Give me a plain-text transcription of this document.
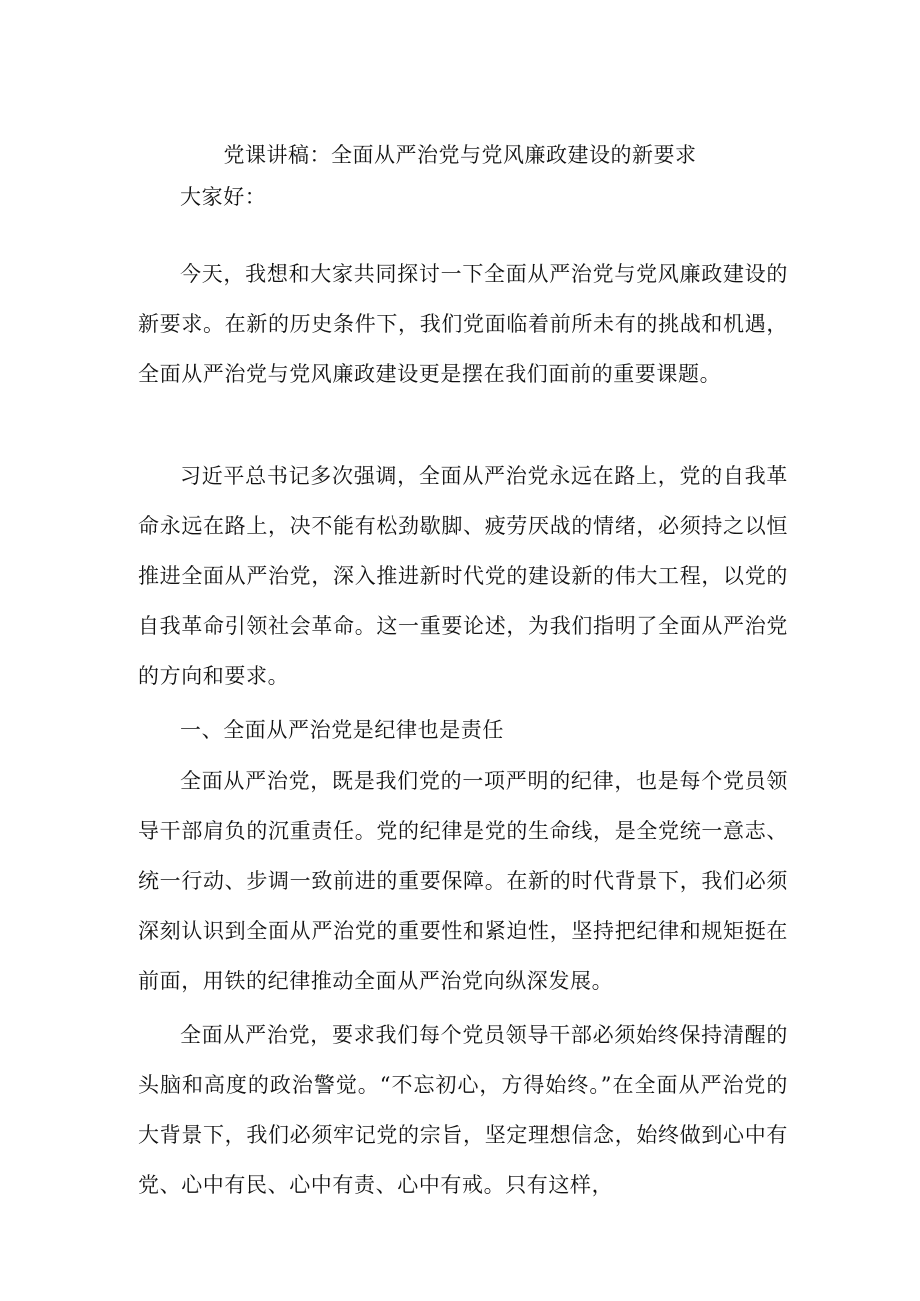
党课讲稿：全面从严治党与党风廉政建设的新要求

大家好：

今天，我想和大家共同探讨一下全面从严治党与党风廉政建设的新要求。在新的历史条件下，我们党面临着前所未有的挑战和机遇，全面从严治党与党风廉政建设更是摆在我们面前的重要课题。

习近平总书记多次强调，全面从严治党永远在路上，党的自我革命永远在路上，决不能有松劲歇脚、疲劳厌战的情绪，必须持之以恒推进全面从严治党，深入推进新时代党的建设新的伟大工程，以党的自我革命引领社会革命。这一重要论述，为我们指明了全面从严治党的方向和要求。

一、全面从严治党是纪律也是责任

全面从严治党，既是我们党的一项严明的纪律，也是每个党员领导干部肩负的沉重责任。党的纪律是党的生命线，是全党统一意志、统一行动、步调一致前进的重要保障。在新的时代背景下，我们必须深刻认识到全面从严治党的重要性和紧迫性，坚持把纪律和规矩挺在前面，用铁的纪律推动全面从严治党向纵深发展。

全面从严治党，要求我们每个党员领导干部必须始终保持清醒的头脑和高度的政治警觉。“不忘初心，方得始终。”在全面从严治党的大背景下，我们必须牢记党的宗旨，坚定理想信念，始终做到心中有党、心中有民、心中有责、心中有戒。只有这样，
